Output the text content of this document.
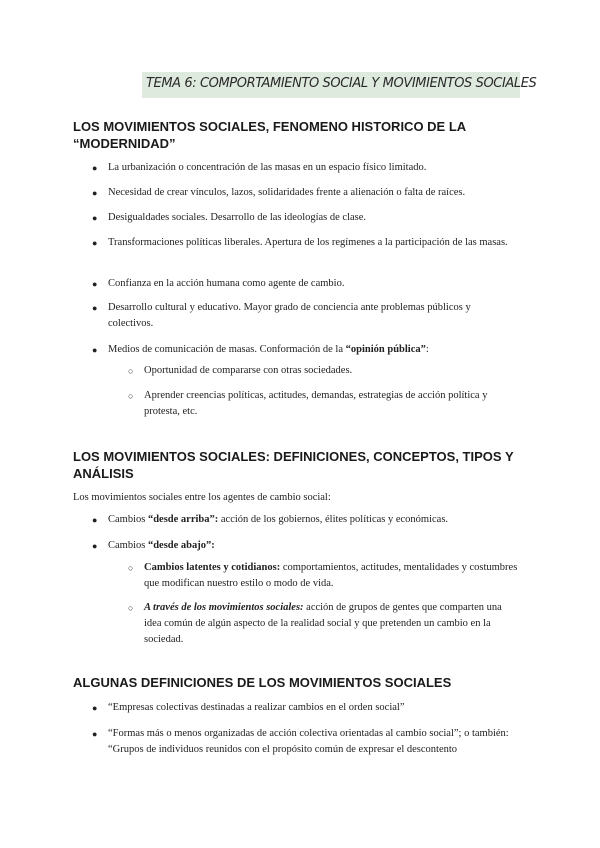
TEMA 6: COMPORTAMIENTO SOCIAL Y MOVIMIENTOS SOCIALES
LOS MOVIMIENTOS SOCIALES, FENOMENO HISTORICO DE LA “MODERNIDAD”
● La urbanización o concentración de las masas en un espacio físico limitado.
● Necesidad de crear vínculos, lazos, solidaridades frente a alienación o falta de raíces.
● Desigualdades sociales. Desarrollo de las ideologías de clase.
● Transformaciones políticas liberales. Apertura de los regímenes a la participación de las masas.
● Confianza en la acción humana como agente de cambio.
● Desarrollo cultural y educativo. Mayor grado de conciencia ante problemas públicos y colectivos.
● Medios de comunicación de masas. Conformación de la “opinión pública”:
○ Oportunidad de compararse con otras sociedades.
○ Aprender creencias políticas, actitudes, demandas, estrategias de acción política y protesta, etc.
LOS MOVIMIENTOS SOCIALES: DEFINICIONES, CONCEPTOS, TIPOS Y ANÁLISIS
Los movimientos sociales entre los agentes de cambio social:
● Cambios “desde arriba”: acción de los gobiernos, élites políticas y económicas.
● Cambios “desde abajo”:
○ Cambios latentes y cotidianos: comportamientos, actitudes, mentalidades y costumbres que modifican nuestro estilo o modo de vida.
○ A través de los movimientos sociales: acción de grupos de gentes que comparten una idea común de algún aspecto de la realidad social y que pretenden un cambio en la sociedad.
ALGUNAS DEFINICIONES DE LOS MOVIMIENTOS SOCIALES
● “Empresas colectivas destinadas a realizar cambios en el orden social”
● “Formas más o menos organizadas de acción colectiva orientadas al cambio social”; o también: “Grupos de individuos reunidos con el propósito común de expresar el descontento
